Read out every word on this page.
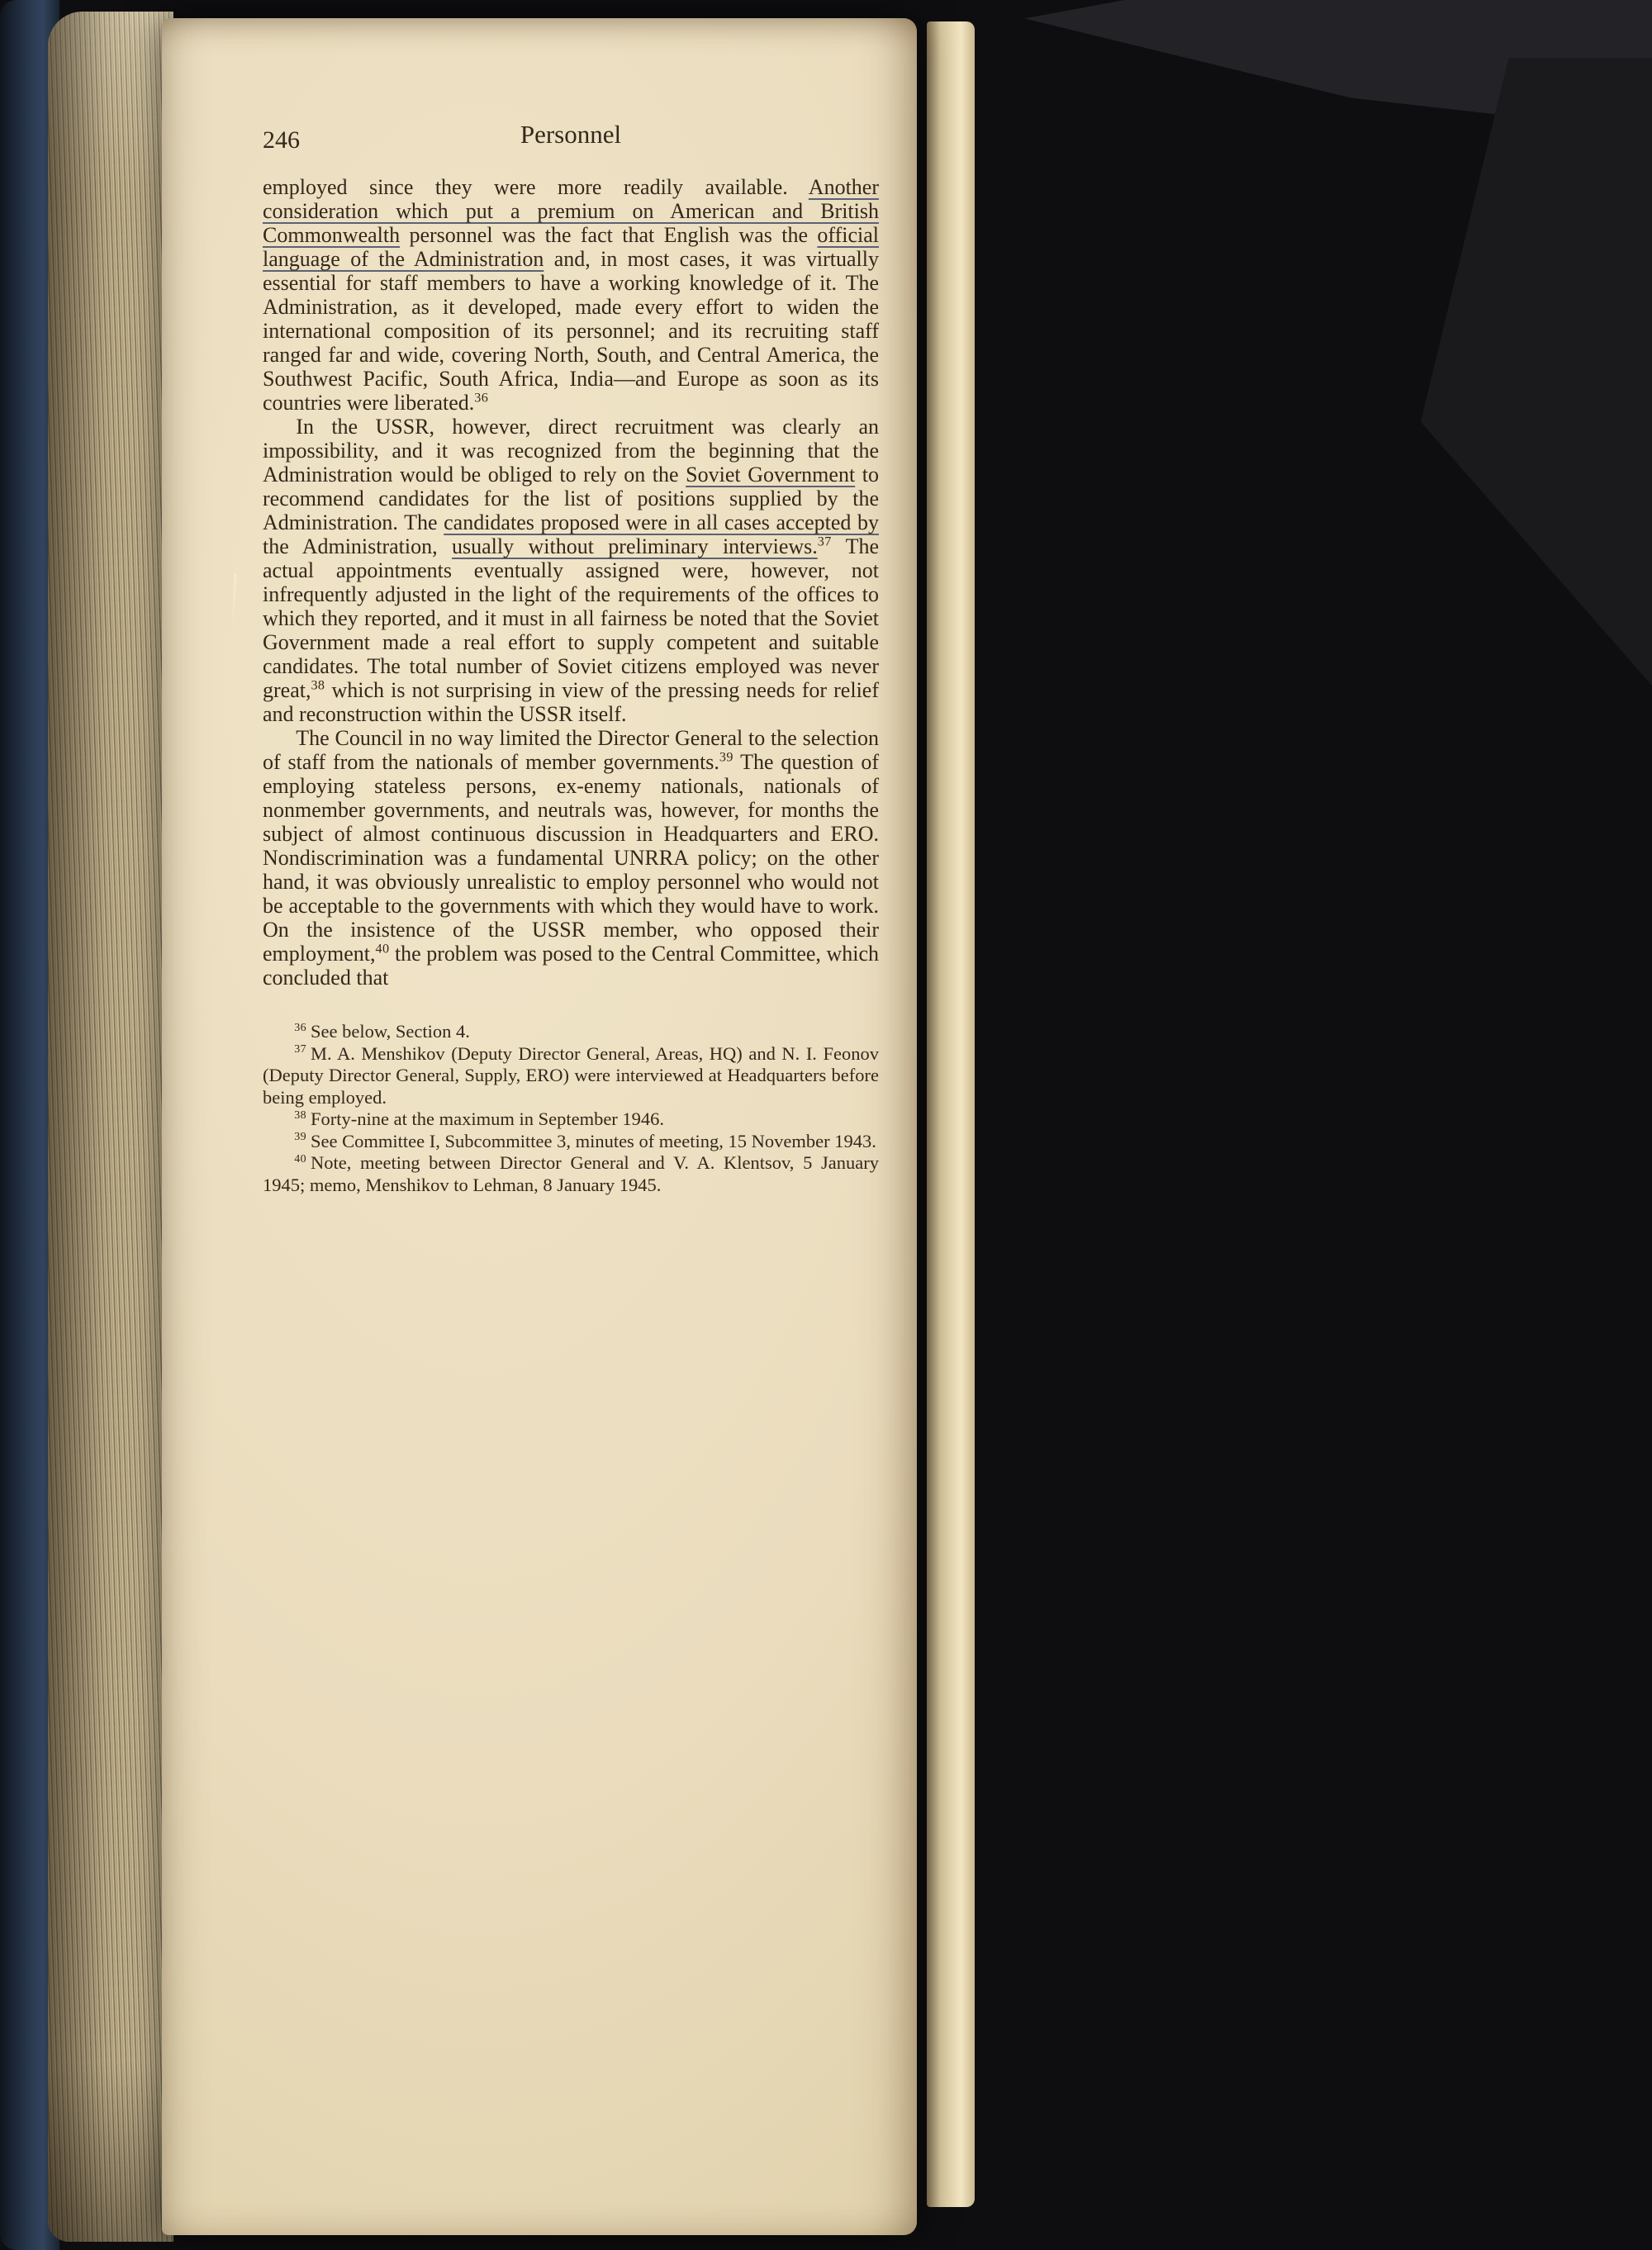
246	Personnel

employed since they were more readily available. Another consideration which put a premium on American and British Commonwealth personnel was the fact that English was the official language of the Administration and, in most cases, it was virtually essential for staff members to have a working knowledge of it. The Administration, as it developed, made every effort to widen the international composition of its personnel; and its recruiting staff ranged far and wide, covering North, South, and Central America, the Southwest Pacific, South Africa, India—and Europe as soon as its countries were liberated.$^{36}$

In the USSR, however, direct recruitment was clearly an impossibility, and it was recognized from the beginning that the Administration would be obliged to rely on the Soviet Government to recommend candidates for the list of positions supplied by the Administration. The candidates proposed were in all cases accepted by the Administration, usually without preliminary interviews.$^{37}$ The actual appointments eventually assigned were, however, not infrequently adjusted in the light of the requirements of the offices to which they reported, and it must in all fairness be noted that the Soviet Government made a real effort to supply competent and suitable candidates. The total number of Soviet citizens employed was never great,$^{38}$ which is not surprising in view of the pressing needs for relief and reconstruction within the USSR itself.

The Council in no way limited the Director General to the selection of staff from the nationals of member governments.$^{39}$ The question of employing stateless persons, ex-enemy nationals, nationals of nonmember governments, and neutrals was, however, for months the subject of almost continuous discussion in Headquarters and ERO. Nondiscrimination was a fundamental UNRRA policy; on the other hand, it was obviously unrealistic to employ personnel who would not be acceptable to the governments with which they would have to work. On the insistence of the USSR member, who opposed their employment,$^{40}$ the problem was posed to the Central Committee, which concluded that

$^{36}$ See below, Section 4.

$^{37}$ M. A. Menshikov (Deputy Director General, Areas, HQ) and N. I. Feonov (Deputy Director General, Supply, ERO) were interviewed at Headquarters before being employed.

$^{38}$ Forty-nine at the maximum in September 1946.

$^{39}$ See Committee I, Subcommittee 3, minutes of meeting, 15 November 1943.

$^{40}$ Note, meeting between Director General and V. A. Klentsov, 5 January 1945; memo, Menshikov to Lehman, 8 January 1945.
